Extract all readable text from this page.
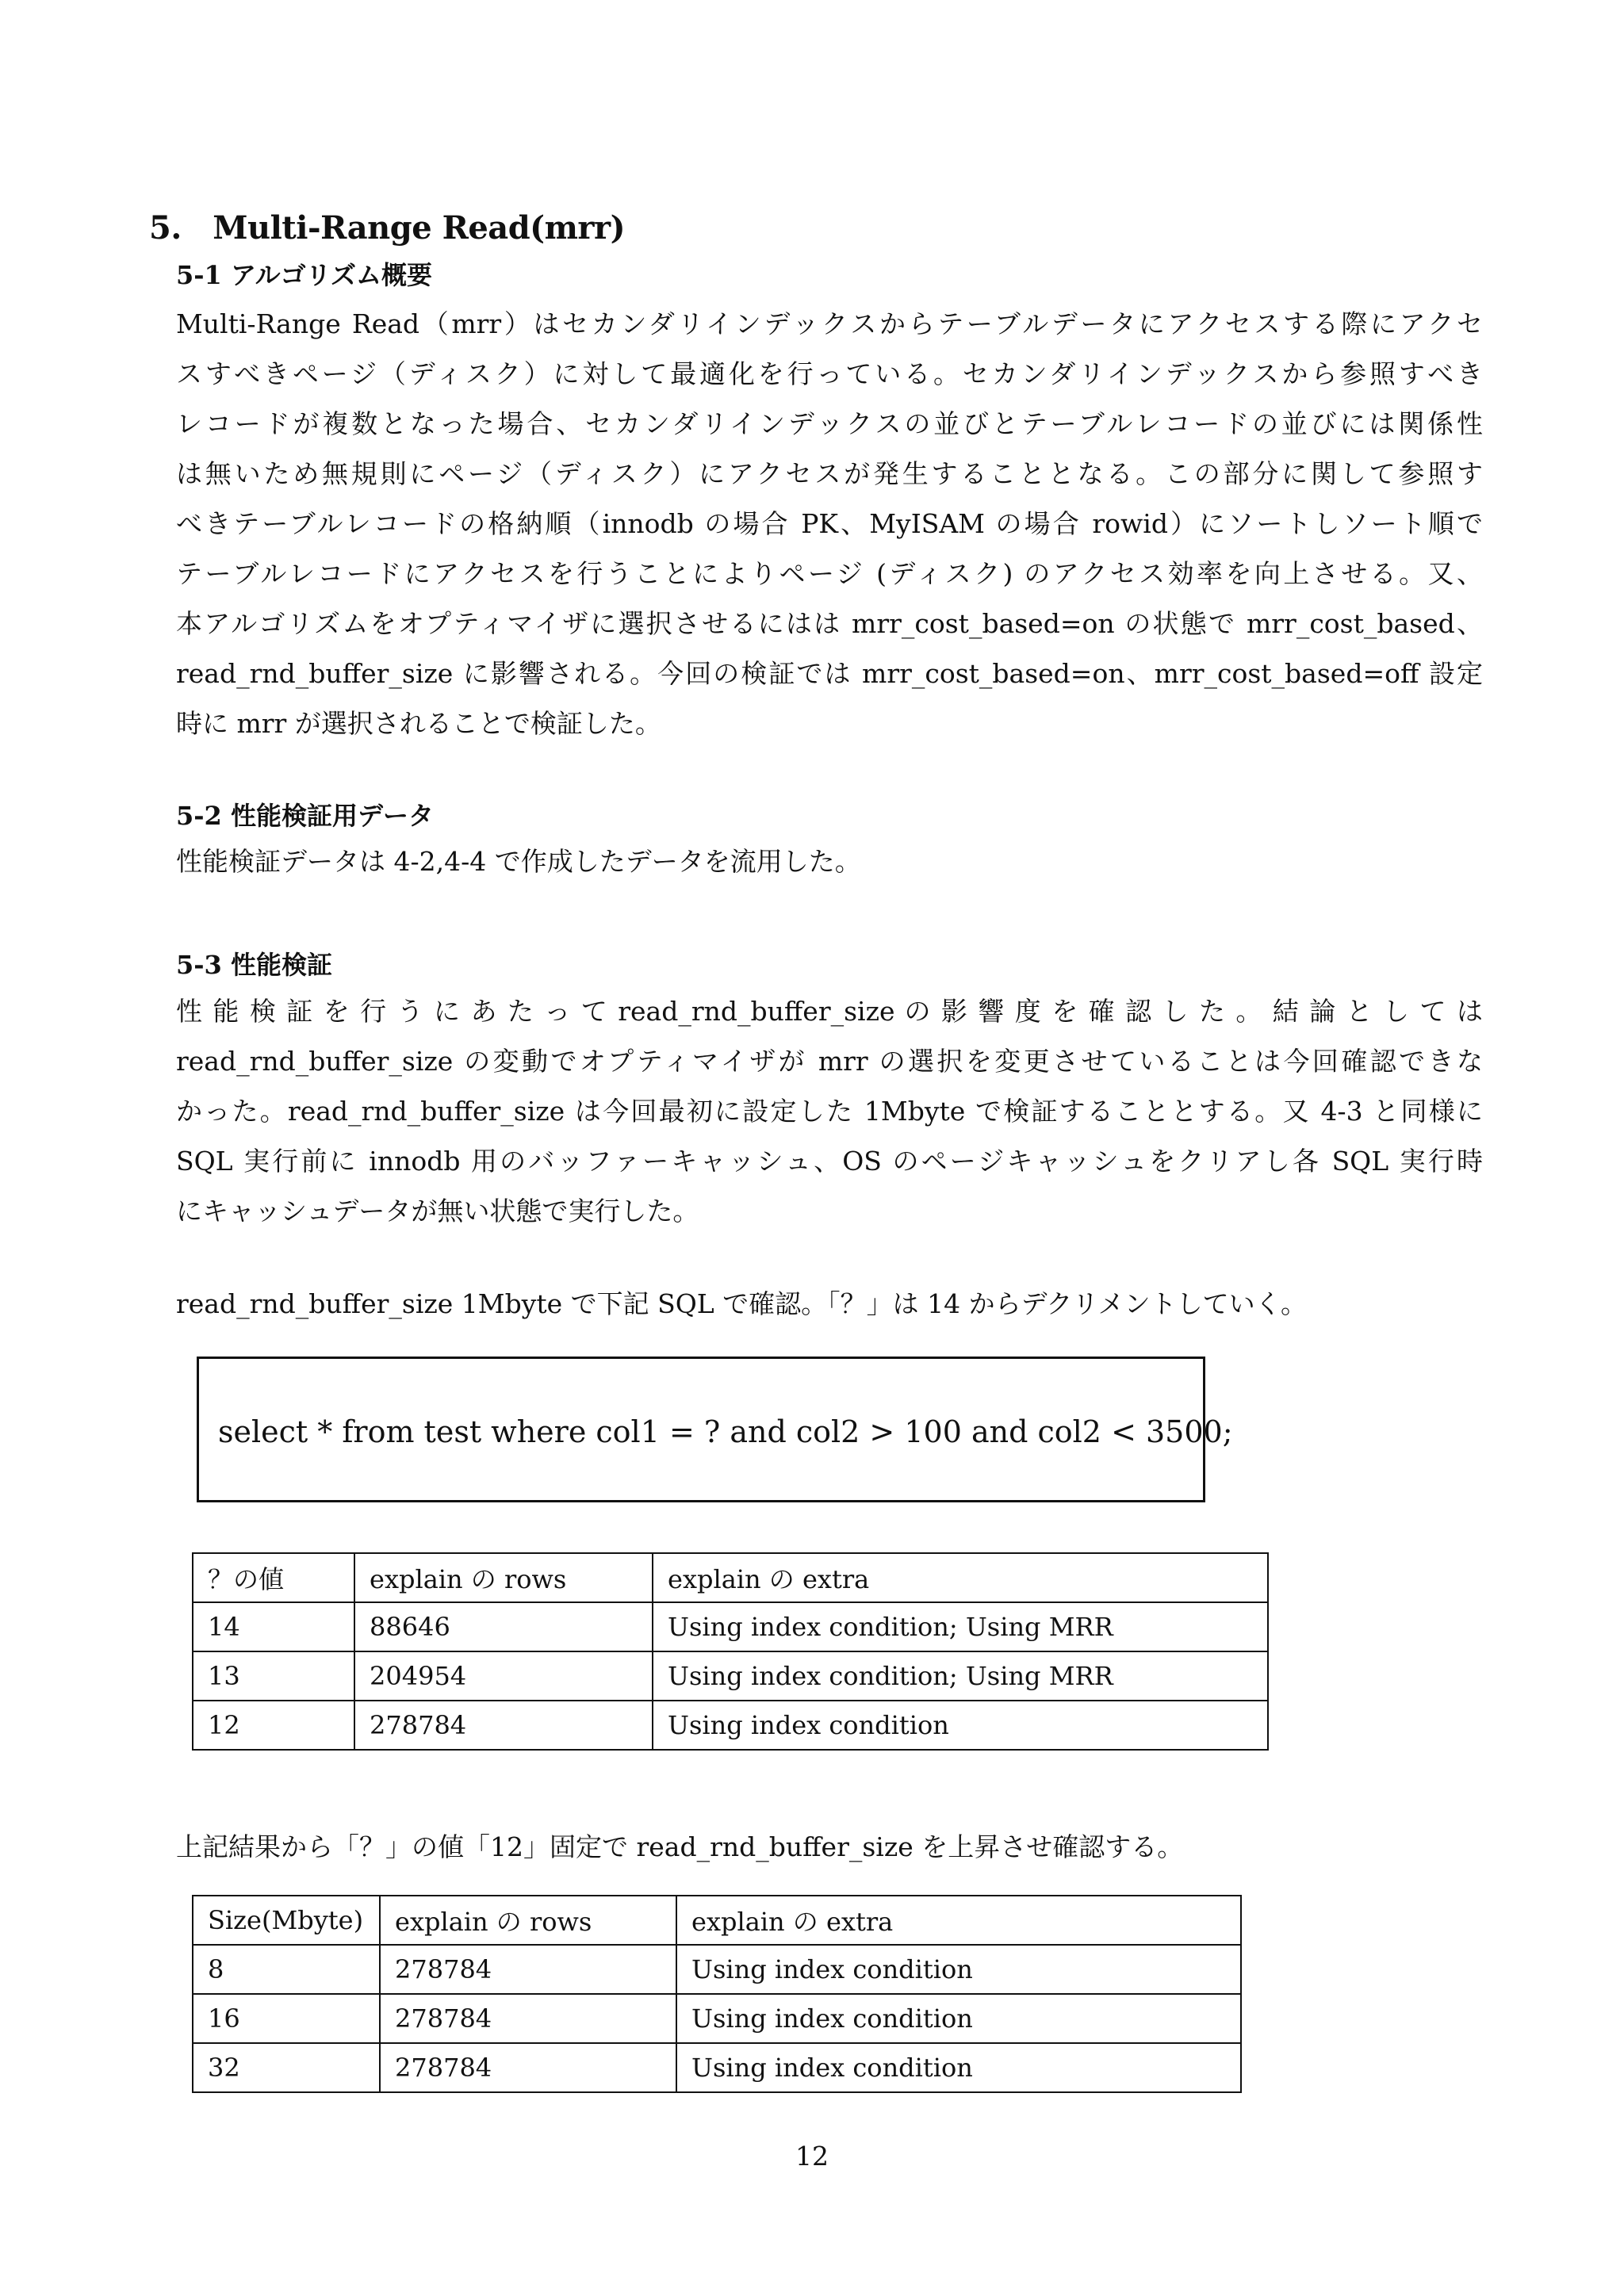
5.　Multi-Range Read(mrr)
5-1 アルゴリズム概要
Multi-Range Read（mrr）はセカンダリインデックスからテーブルデータにアクセスする際にアクセ
スすべきページ（ディスク）に対して最適化を行っている。セカンダリインデックスから参照すべき
レコードが複数となった場合、セカンダリインデックスの並びとテーブルレコードの並びには関係性
は無いため無規則にページ（ディスク）にアクセスが発生することとなる。この部分に関して参照す
べきテーブルレコードの格納順（innodb の場合 PK、MyISAM の場合 rowid）にソートしソート順で
テーブルレコードにアクセスを行うことによりページ (ディスク) のアクセス効率を向上させる。又、
本アルゴリズムをオプティマイザに選択させるにはは mrr_cost_based=on の状態で mrr_cost_based、
read_rnd_buffer_size に影響される。今回の検証では mrr_cost_based=on、mrr_cost_based=off 設定
時に mrr が選択されることで検証した。
5-2 性能検証用データ
性能検証データは 4-2,4-4 で作成したデータを流用した。
5-3 性能検証
性 能 検 証 を 行 う に あ た っ て read_rnd_buffer_size の 影 響 度 を 確 認 し た 。 結 論 と し て は
read_rnd_buffer_size の変動でオプティマイザが mrr の選択を変更させていることは今回確認できな
かった。read_rnd_buffer_size は今回最初に設定した 1Mbyte で検証することとする。又 4-3 と同様に
SQL 実行前に innodb 用のバッファーキャッシュ、OS のページキャッシュをクリアし各 SQL 実行時
にキャッシュデータが無い状態で実行した。
read_rnd_buffer_size 1Mbyte で下記 SQL で確認。「？」は 14 からデクリメントしていく。
select * from test where col1 = ? and col2 > 100 and col2 < 3500;
？の値	explain の rows	explain の extra
14	88646	Using index condition; Using MRR
13	204954	Using index condition; Using MRR
12	278784	Using index condition
上記結果から「？」の値「12」固定で read_rnd_buffer_size を上昇させ確認する。
Size(Mbyte)	explain の rows	explain の extra
8	278784	Using index condition
16	278784	Using index condition
32	278784	Using index condition
12
